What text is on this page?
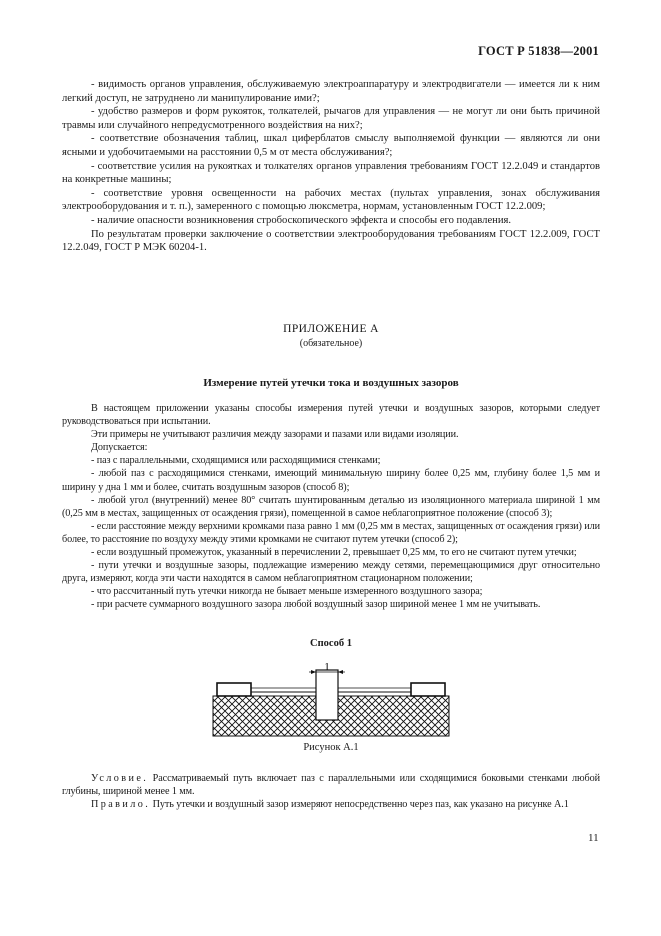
ГОСТ Р 51838—2001

- видимость органов управления, обслуживаемую электроаппаратуру и электродвигатели — имеется ли к ним легкий доступ, не затруднено ли манипулирование ими?;

- удобство размеров и форм рукояток, толкателей, рычагов для управления — не могут ли они быть причиной травмы или случайного непредусмотренного воздействия на них?;

- соответствие обозначения таблиц, шкал циферблатов смыслу выполняемой функции — являются ли они ясными и удобочитаемыми на расстоянии 0,5 м от места обслуживания?;

- соответствие усилия на рукоятках и толкателях органов управления требованиям ГОСТ 12.2.049 и стандартов на конкретные машины;

- соответствие уровня освещенности на рабочих местах (пультах управления, зонах обслуживания электрооборудования и т. п.), замеренного с помощью люксметра, нормам, установленным ГОСТ 12.2.009;

- наличие опасности возникновения стробоскопического эффекта и способы его подавления.

По результатам проверки заключение о соответствии электрооборудования требованиям ГОСТ 12.2.009, ГОСТ 12.2.049, ГОСТ Р МЭК 60204-1.

ПРИЛОЖЕНИЕ А
(обязательное)
Измерение путей утечки тока и воздушных зазоров

В настоящем приложении указаны способы измерения путей утечки и воздушных зазоров, которыми следует руководствоваться при испытании.

Эти примеры не учитывают различия между зазорами и пазами или видами изоляции.

Допускается:

- паз с параллельными, сходящимися или расходящимися стенками;

- любой паз с расходящимися стенками, имеющий минимальную ширину более 0,25 мм, глубину более 1,5 мм и ширину у дна 1 мм и более, считать воздушным зазоров (способ 8);

- любой угол (внутренний) менее 80° считать шунтированным деталью из изоляционного материала шириной 1 мм (0,25 мм в местах, защищенных от осаждения грязи), помещенной в самое неблагоприятное положение (способ 3);

- если расстояние между верхними кромками паза равно 1 мм (0,25 мм в местах, защищенных от осаждения грязи) или более, то расстояние по воздуху между этими кромками не считают путем утечки (способ 2);

- если воздушный промежуток, указанный в перечислении 2, превышает 0,25 мм, то его не считают путем утечки;

- пути утечки и воздушные зазоры, подлежащие измерению между сетями, перемещающимися друг относительно друга, измеряют, когда эти части находятся в самом неблагоприятном стационарном положении;

- что рассчитанный путь утечки никогда не бывает меньше измеренного воздушного зазора;

- при расчете суммарного воздушного зазора любой воздушный зазор шириной менее 1 мм не учитывать.

Способ 1
1
Рисунок А.1

Условие. Рассматриваемый путь включает паз с параллельными или сходящимися боковыми стенками любой глубины, шириной менее 1 мм.

Правило. Путь утечки и воздушный зазор измеряют непосредственно через паз, как указано на рисунке А.1

11
